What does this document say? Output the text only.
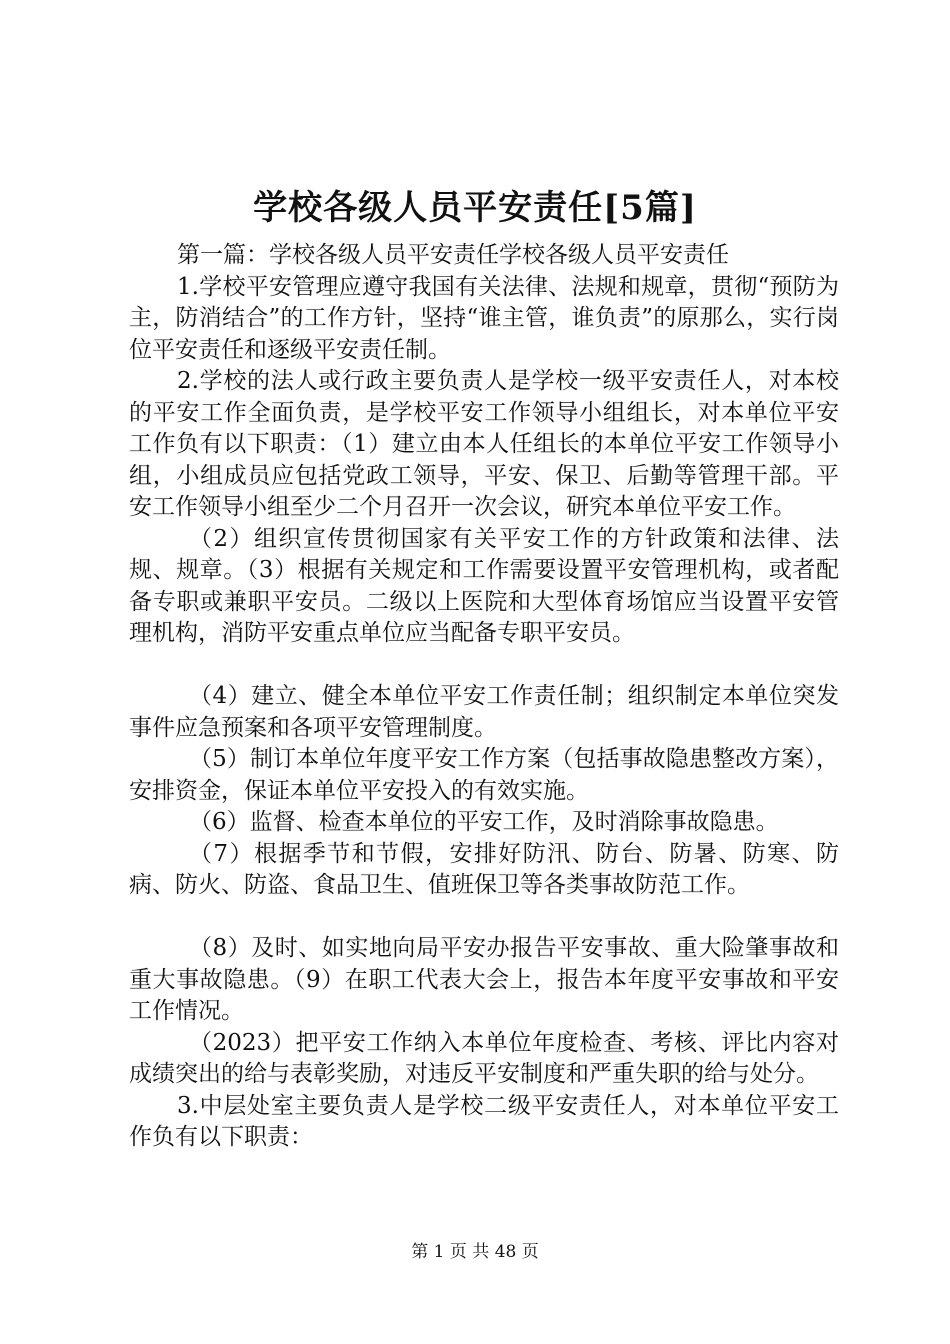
学校各级人员平安责任[5篇]

第一篇：学校各级人员平安责任学校各级人员平安责任

1.学校平安管理应遵守我国有关法律、法规和规章，贯彻“预防为主，防消结合”的工作方针，坚持“谁主管，谁负责”的原那么，实行岗位平安责任和逐级平安责任制。

2.学校的法人或行政主要负责人是学校一级平安责任人，对本校的平安工作全面负责，是学校平安工作领导小组组长，对本单位平安工作负有以下职责：（1）建立由本人任组长的本单位平安工作领导小组，小组成员应包括党政工领导，平安、保卫、后勤等管理干部。平安工作领导小组至少二个月召开一次会议，研究本单位平安工作。

（2）组织宣传贯彻国家有关平安工作的方针政策和法律、法规、规章。（3）根据有关规定和工作需要设置平安管理机构，或者配备专职或兼职平安员。二级以上医院和大型体育场馆应当设置平安管理机构，消防平安重点单位应当配备专职平安员。

（4）建立、健全本单位平安工作责任制；组织制定本单位突发事件应急预案和各项平安管理制度。

（5）制订本单位年度平安工作方案（包括事故隐患整改方案），安排资金，保证本单位平安投入的有效实施。

（6）监督、检查本单位的平安工作，及时消除事故隐患。

（7）根据季节和节假，安排好防汛、防台、防暑、防寒、防病、防火、防盗、食品卫生、值班保卫等各类事故防范工作。

（8）及时、如实地向局平安办报告平安事故、重大险肇事故和重大事故隐患。（9）在职工代表大会上，报告本年度平安事故和平安工作情况。

（2023）把平安工作纳入本单位年度检查、考核、评比内容对成绩突出的给与表彰奖励，对违反平安制度和严重失职的给与处分。

3.中层处室主要负责人是学校二级平安责任人，对本单位平安工作负有以下职责：

第 1 页 共 48 页
